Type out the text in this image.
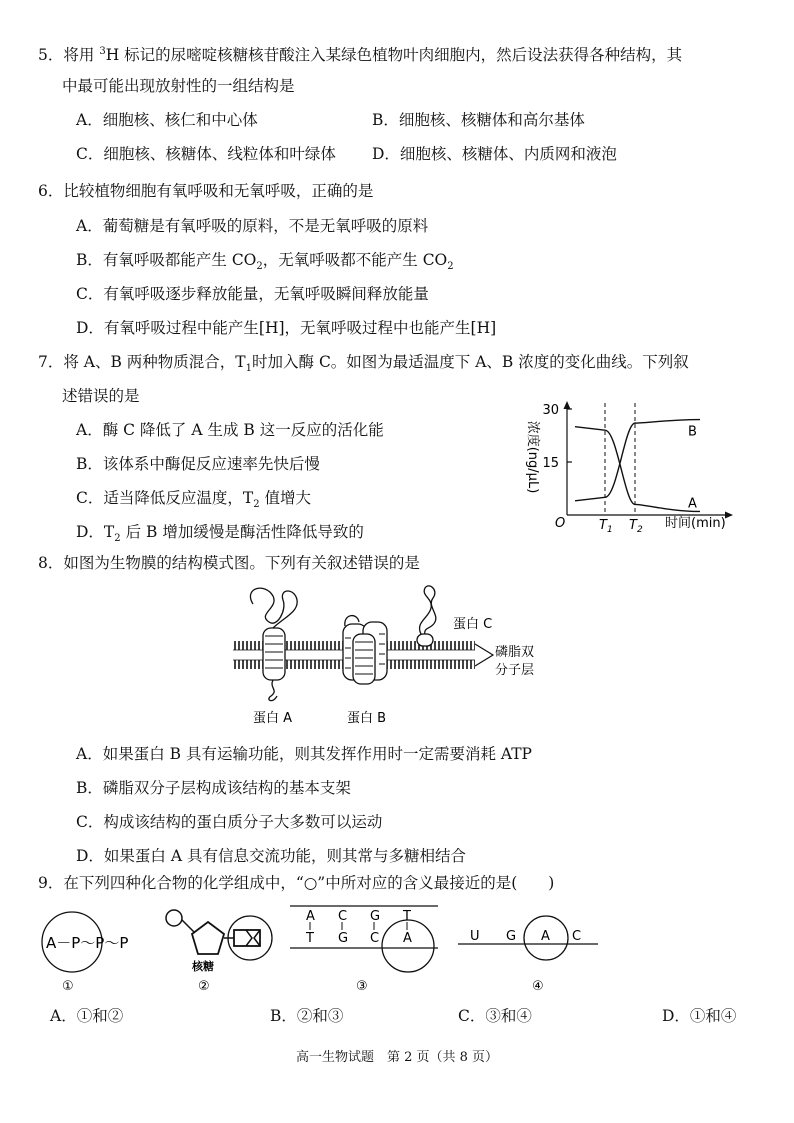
5．将用 $^3$H 标记的尿嘧啶核糖核苷酸注入某绿色植物叶肉细胞内，然后设法获得各种结构，其
中最可能出现放射性的一组结构是
A．细胞核、核仁和中心体	B．细胞核、核糖体和高尔基体
C．细胞核、核糖体、线粒体和叶绿体 D．细胞核、核糖体、内质网和液泡
6．比较植物细胞有氧呼吸和无氧呼吸，正确的是
A．葡萄糖是有氧呼吸的原料，不是无氧呼吸的原料
B．有氧呼吸都能产生 $CO_2$，无氧呼吸都不能产生 $CO_2$
C．有氧呼吸逐步释放能量，无氧呼吸瞬间释放能量
D．有氧呼吸过程中能产生[H]，无氧呼吸过程中也能产生[H]
7．将 A、B 两种物质混合，$T_1$时加入酶 C。如图为最适温度下 A、B 浓度的变化曲线。下列叙
述错误的是
A．酶 C 降低了 A 生成 B 这一反应的活化能
B．该体系中酶促反应速率先快后慢
C．适当降低反应温度，$T_2$ 值增大
D．$T_2$ 后 B 增加缓慢是酶活性降低导致的
浓度(ng/μL)
O	时间(min)
15
30
$T_1$ $T_2$
B
A
8．如图为生物膜的结构模式图。下列有关叙述错误的是
蛋白 C
磷脂双
分子层
蛋白 A	蛋白 B
A．如果蛋白 B 具有运输功能，则其发挥作用时一定需要消耗 ATP
B．磷脂双分子层构成该结构的基本支架
C．构成该结构的蛋白质分子大多数可以运动
D．如果蛋白 A 具有信息交流功能，则其常与多糖相结合
9．在下列四种化合物的化学组成中，“○”中所对应的含义最接近的是(　　)
A－P～P～P
①
核糖
②
A C G T
T G C A
③
U G A C
④
A．①和②	B．②和③	C．③和④	D．①和④
高一生物试题　第 2 页（共 8 页）
